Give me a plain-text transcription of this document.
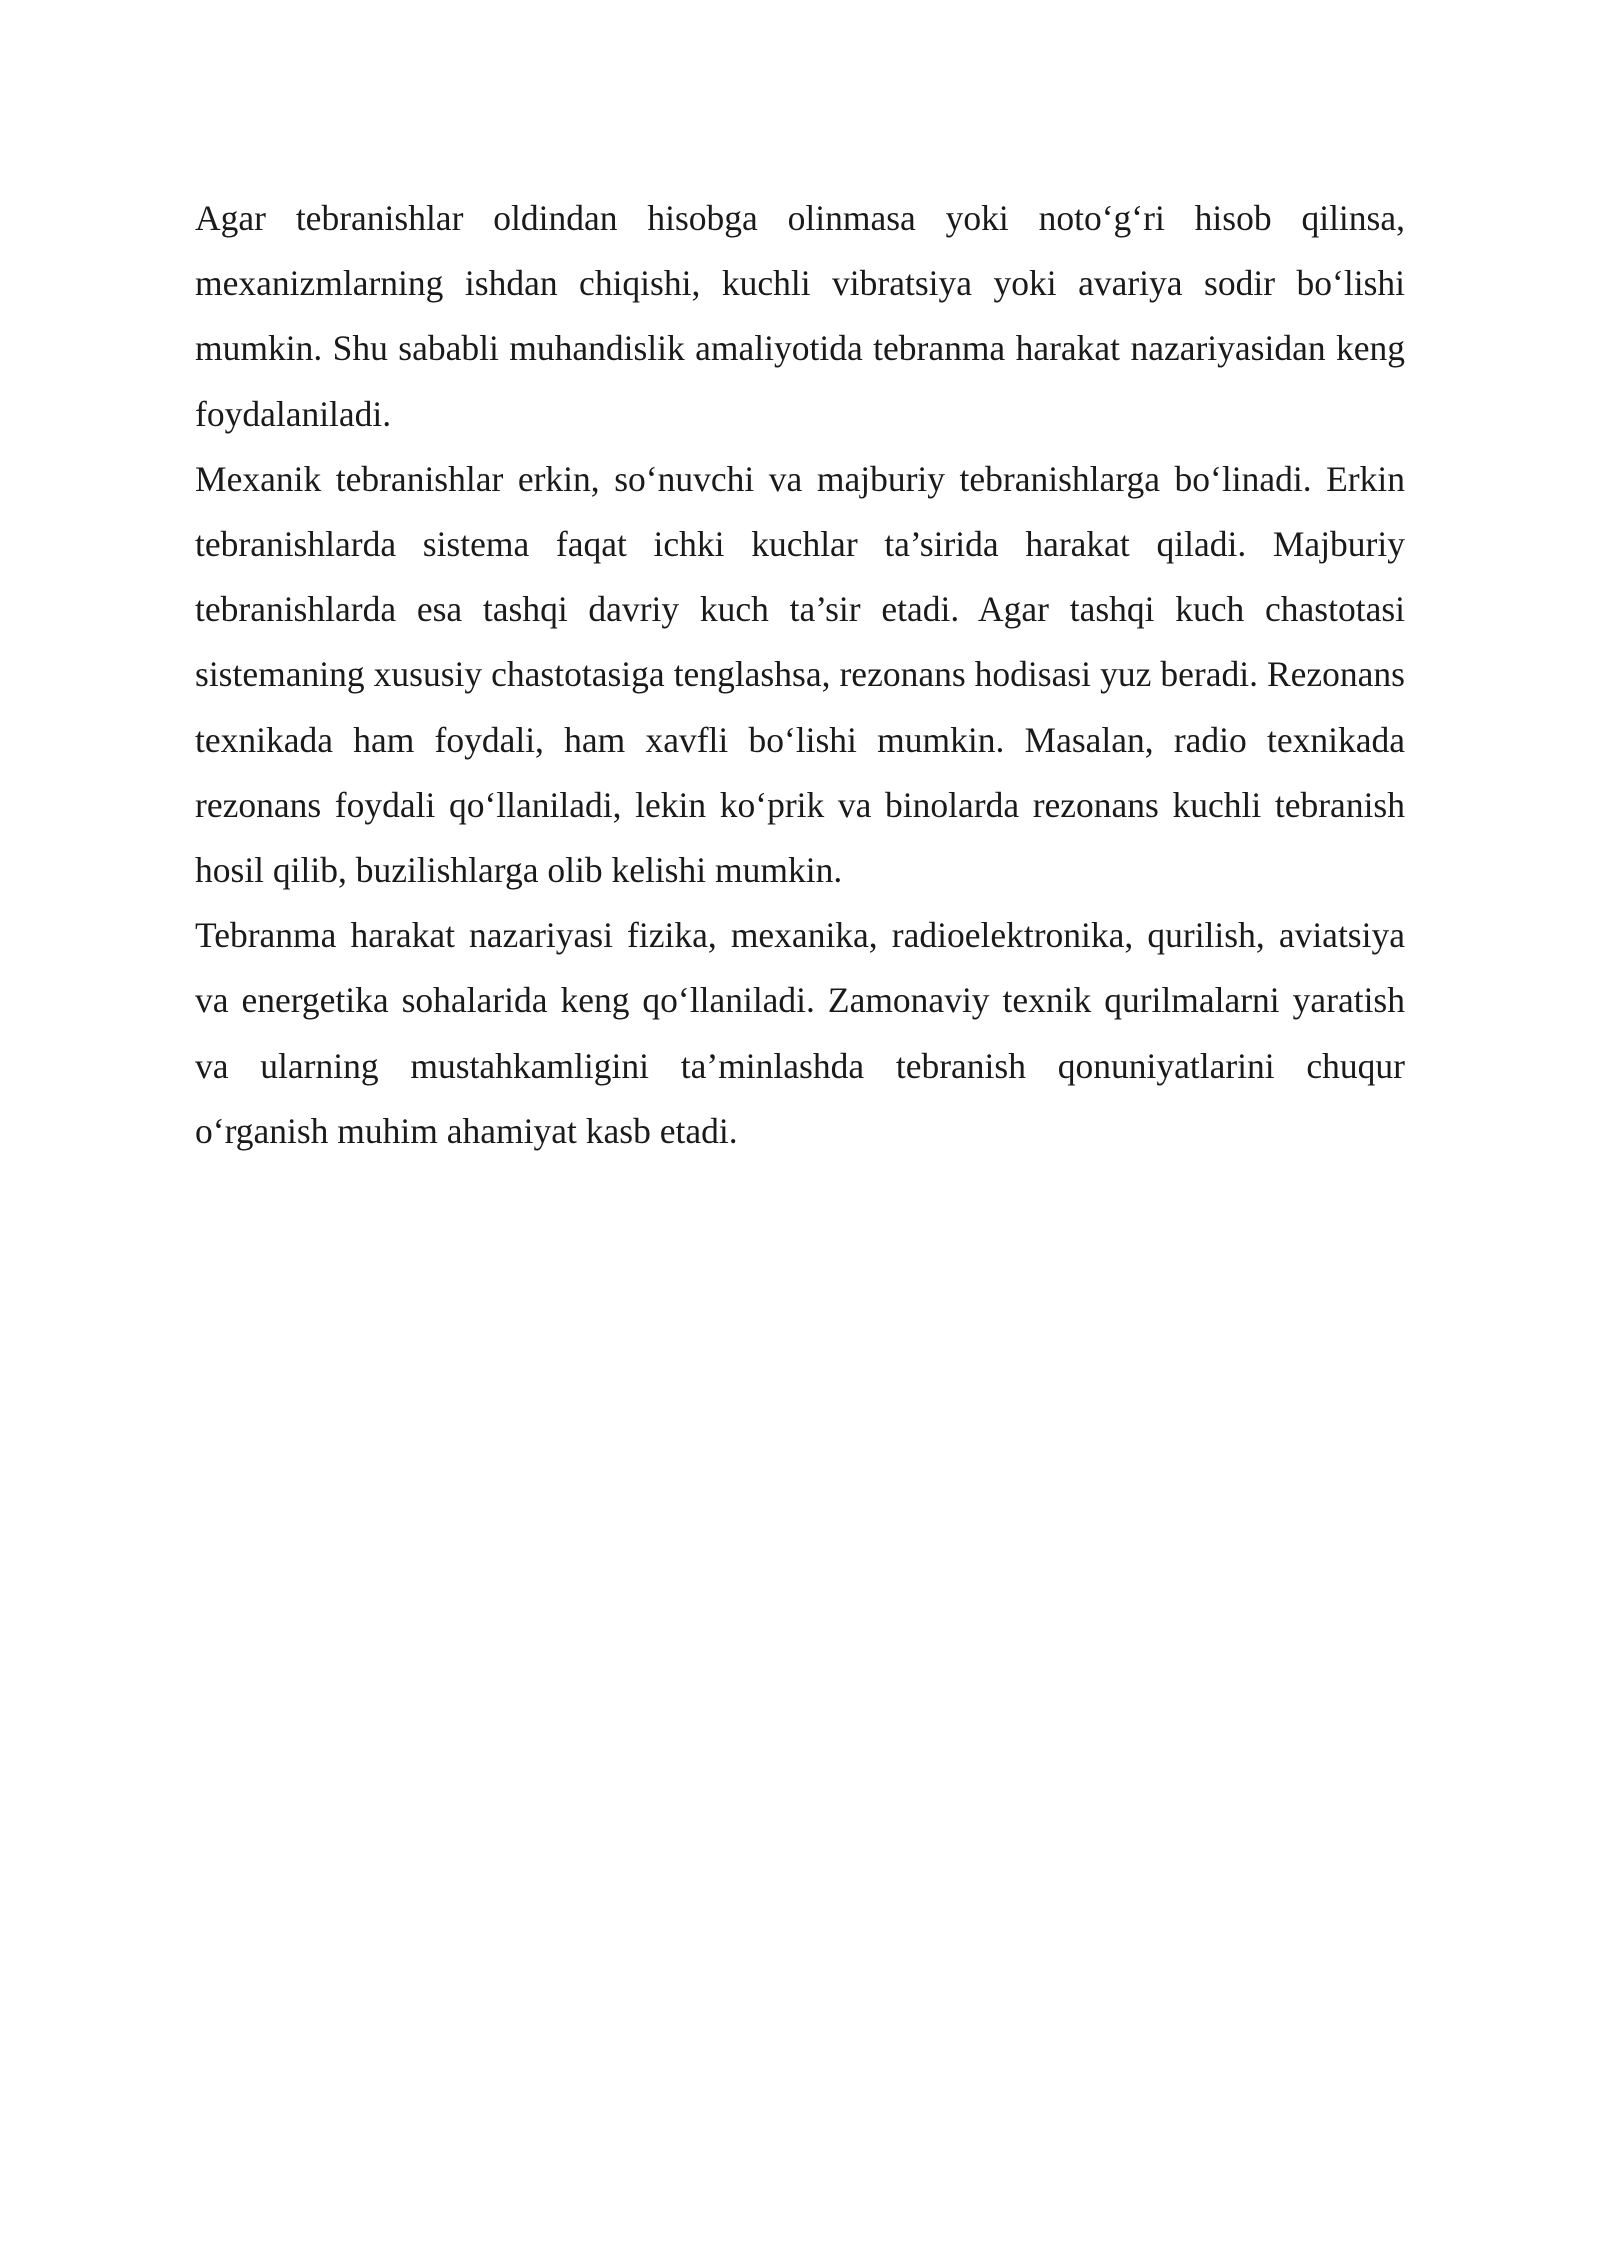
Agar tebranishlar oldindan hisobga olinmasa yoki noto‘g‘ri hisob qilinsa, mexanizmlarning ishdan chiqishi, kuchli vibratsiya yoki avariya sodir bo‘lishi mumkin. Shu sababli muhandislik amaliyotida tebranma harakat nazariyasidan keng foydalaniladi.

Mexanik tebranishlar erkin, so‘nuvchi va majburiy tebranishlarga bo‘linadi. Erkin tebranishlarda sistema faqat ichki kuchlar ta’sirida harakat qiladi. Majburiy tebranishlarda esa tashqi davriy kuch ta’sir etadi. Agar tashqi kuch chastotasi sistemaning xususiy chastotasiga tenglashsa, rezonans hodisasi yuz beradi. Rezonans texnikada ham foydali, ham xavfli bo‘lishi mumkin. Masalan, radio texnikada rezonans foydali qo‘llaniladi, lekin ko‘prik va binolarda rezonans kuchli tebranish hosil qilib, buzilishlarga olib kelishi mumkin.

Tebranma harakat nazariyasi fizika, mexanika, radioelektronika, qurilish, aviatsiya va energetika sohalarida keng qo‘llaniladi. Zamonaviy texnik qurilmalarni yaratish va ularning mustahkamligini ta’minlashda tebranish qonuniyatlarini chuqur o‘rganish muhim ahamiyat kasb etadi.
